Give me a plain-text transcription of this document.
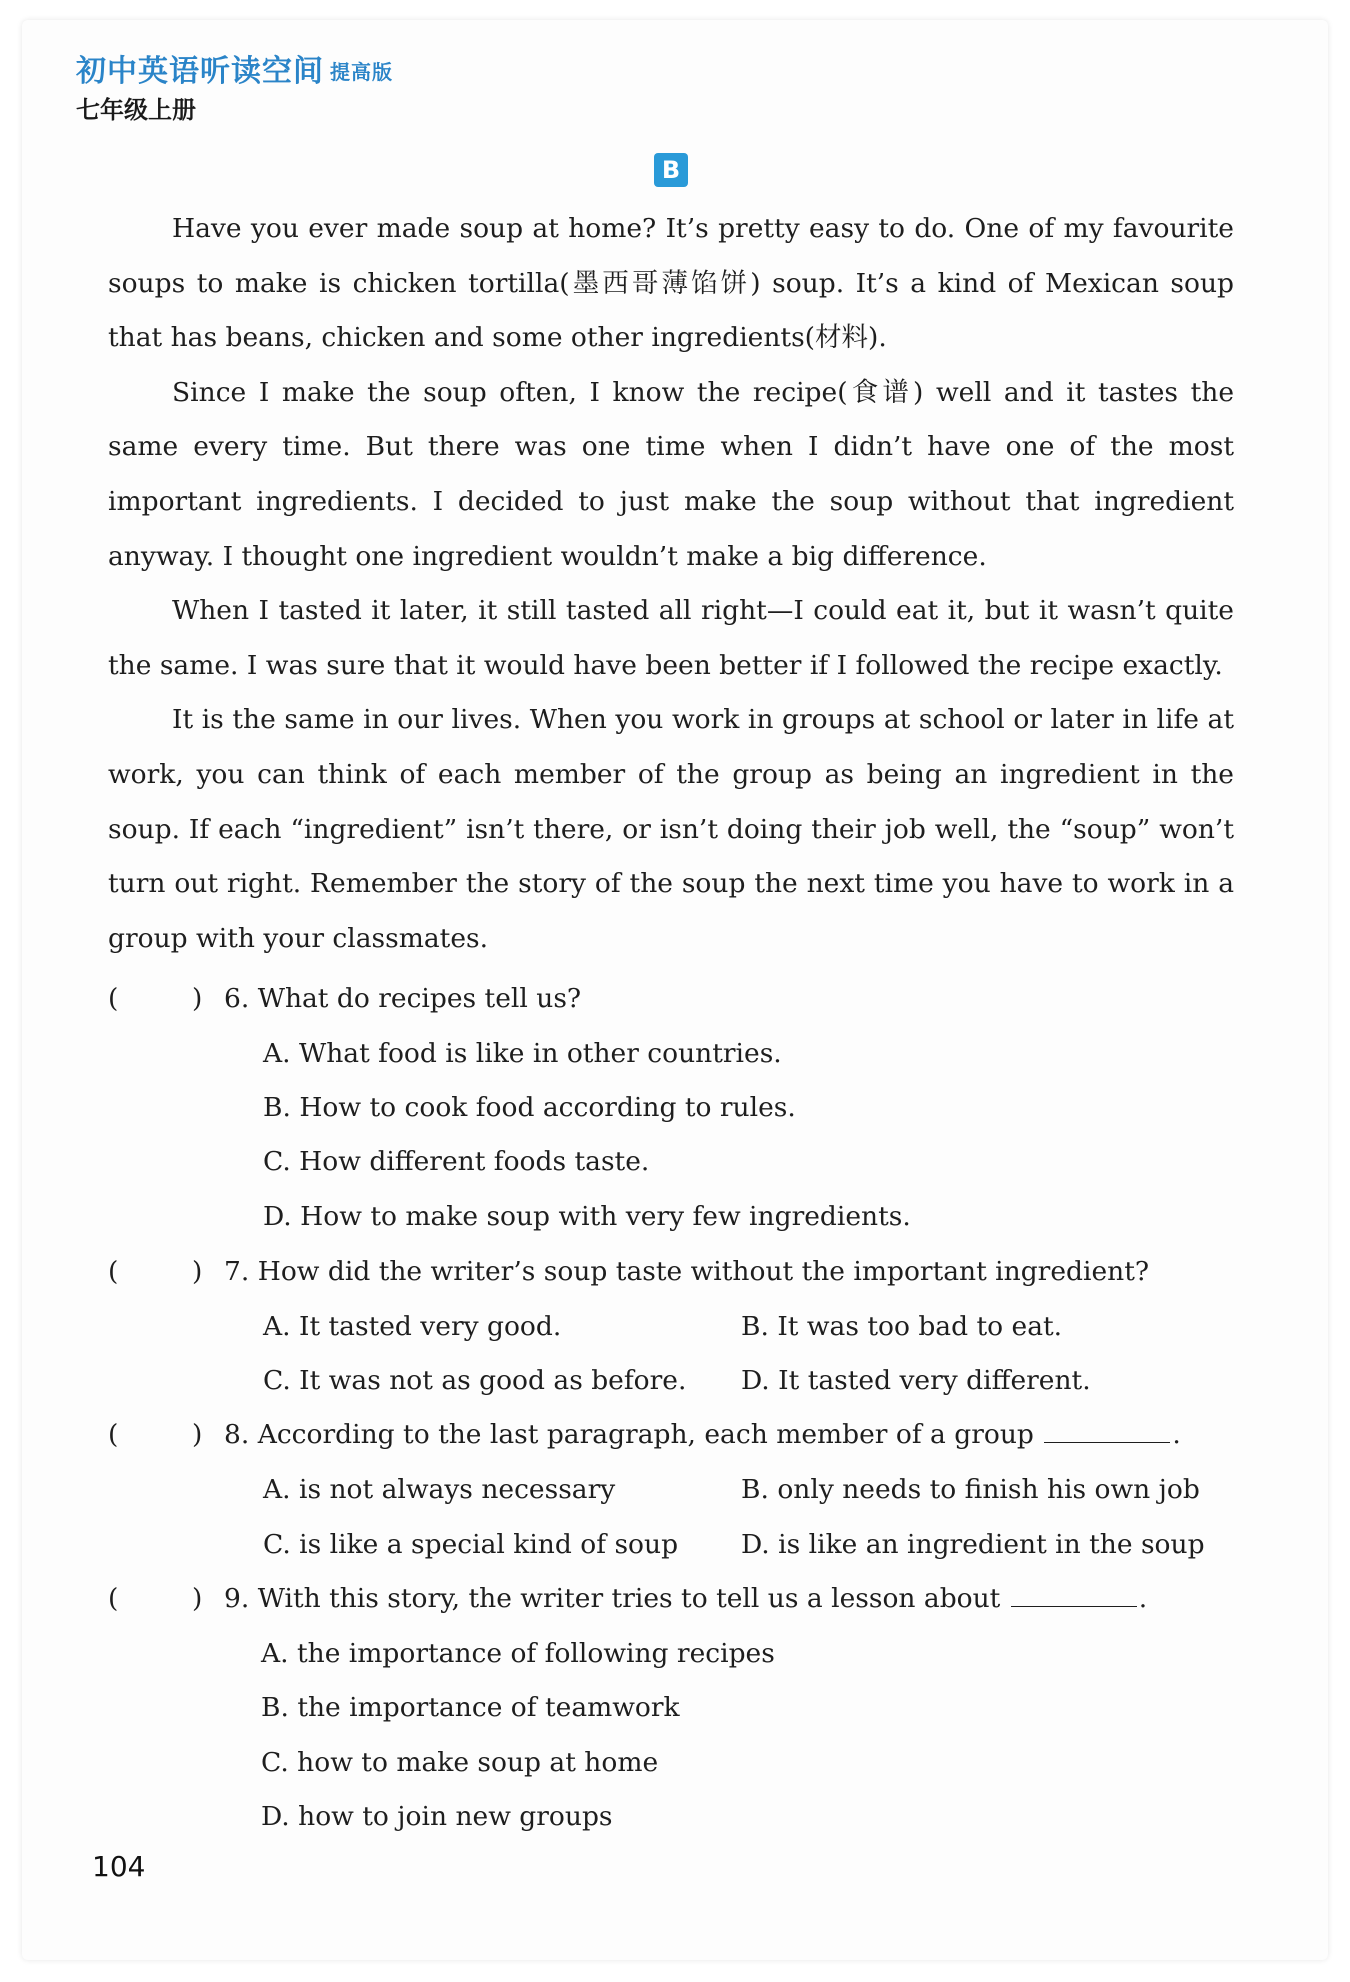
初中英语听读空间 提高版
七年级上册
B

Have you ever made soup at home? It’s pretty easy to do. One of my favourite soups to make is chicken tortilla(墨西哥薄馅饼) soup. It’s a kind of Mexican soup that has beans, chicken and some other ingredients(材料).

Since I make the soup often, I know the recipe(食谱) well and it tastes the same every time. But there was one time when I didn’t have one of the most important ingredients. I decided to just make the soup without that ingredient anyway. I thought one ingredient wouldn’t make a big difference.

When I tasted it later, it still tasted all right—I could eat it, but it wasn’t quite the same. I was sure that it would have been better if I followed the recipe exactly.

It is the same in our lives. When you work in groups at school or later in life at work, you can think of each member of the group as being an ingredient in the soup. If each “ingredient” isn’t there, or isn’t doing their job well, the “soup” won’t turn out right. Remember the story of the soup the next time you have to work in a group with your classmates.

(	) 6. What do recipes tell us?
A. What food is like in other countries.
B. How to cook food according to rules.
C. How different foods taste.
D. How to make soup with very few ingredients.
(	) 7. How did the writer’s soup taste without the important ingredient?
A. It tasted very good.	B. It was too bad to eat.
C. It was not as good as before. D. It tasted very different.
(	) 8. According to the last paragraph, each member of a group	.
A. is not always necessary	B. only needs to finish his own job
C. is like a special kind of soup D. is like an ingredient in the soup
(	) 9. With this story, the writer tries to tell us a lesson about	.
A. the importance of following recipes
B. the importance of teamwork
C. how to make soup at home
D. how to join new groups
104
